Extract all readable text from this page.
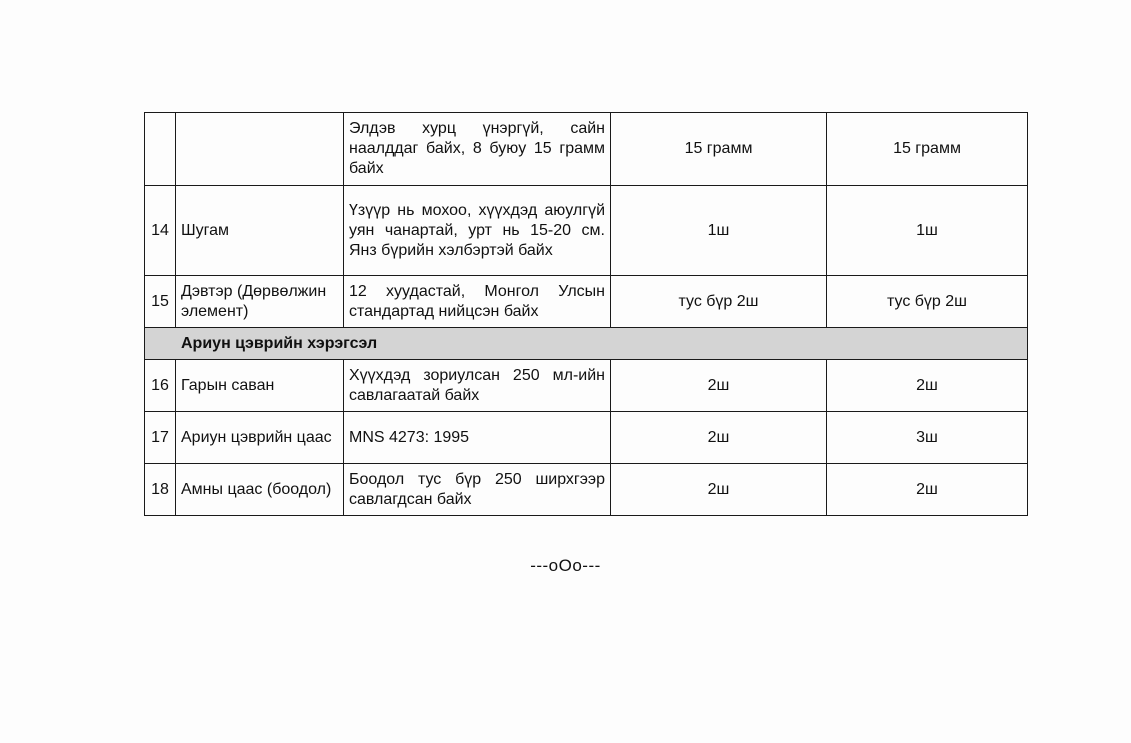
		Элдэв хурц үнэргүй, сайн наалддаг байх, 8 буюу 15 грамм байх	15 грамм	15 грамм
14	Шугам	Үзүүр нь мохоо, хүүхдэд аюулгүй уян чанартай, урт нь 15-20 см. Янз бүрийн хэлбэртэй байх	1ш	1ш
15	Дэвтэр (Дөрвөлжин элемент)	12 хуудастай, Монгол Улсын стандартад нийцсэн байх	тус бүр 2ш	тус бүр 2ш
Ариун цэврийн хэрэгсэл				
16	Гарын саван	Хүүхдэд зориулсан 250 мл-ийн савлагаатай байх	2ш	2ш
17	Ариун цэврийн цаас	MNS 4273: 1995	2ш	3ш
18	Амны цаас (боодол)	Боодол тус бүр 250 ширхгээр савлагдсан байх	2ш	2ш
---oOo---
